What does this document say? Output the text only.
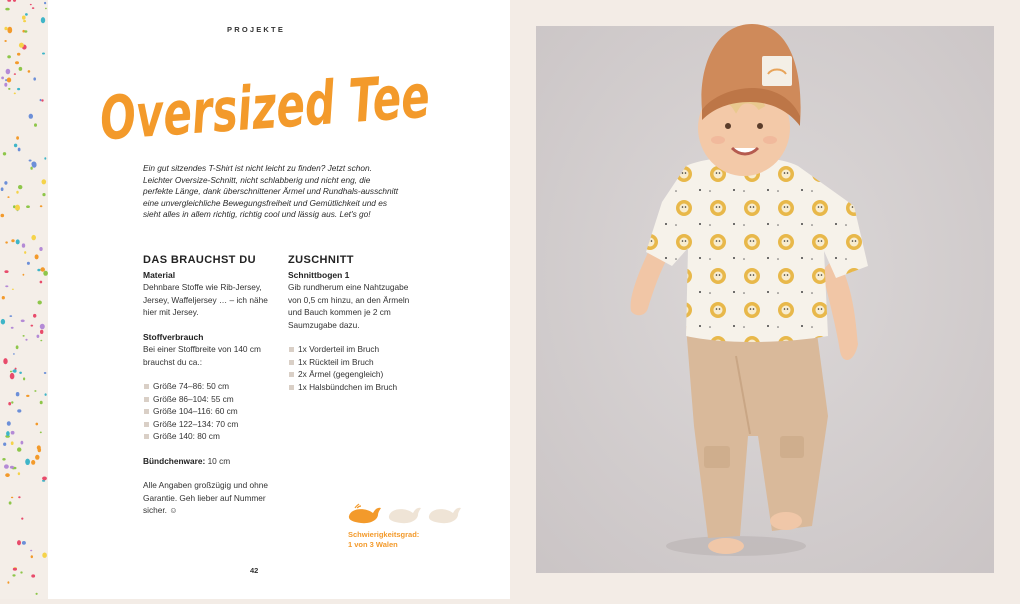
PROJEKTE
Oversized Tee

Ein gut sitzendes T-Shirt ist nicht leicht zu finden? Jetzt schon. Leichter Oversize-Schnitt, nicht schlabberig und nicht eng, die perfekte Länge, dank überschnittener Ärmel und Rundhals-ausschnitt eine unvergleichliche Bewegungsfreiheit und Gemütlichkeit und es sieht alles in allem richtig, richtig cool und lässig aus. Let's go!

DAS BRAUCHST DU
Material

Dehnbare Stoffe wie Rib-Jersey, Jersey, Waffeljersey … – ich nähe hier mit Jersey.

Stoffverbrauch

Bei einer Stoffbreite von 140 cm brauchst du ca.:

Größe 74–86: 50 cm
Größe 86–104: 55 cm
Größe 104–116: 60 cm
Größe 122–134: 70 cm
Größe 140: 80 cm

Bündchenware: 10 cm

Alle Angaben großzügig und ohne Garantie. Geh lieber auf Nummer sicher. ☺

ZUSCHNITT
Schnittbogen 1

Gib rundherum eine Nahtzugabe von 0,5 cm hinzu, an den Ärmeln und Bauch kommen je 2 cm Saumzugabe dazu.

1x Vorderteil im Bruch
1x Rückteil im Bruch
2x Ärmel (gegengleich)
1x Halsbündchen im Bruch
Schwierigkeitsgrad:
1 von 3 Walen
42
